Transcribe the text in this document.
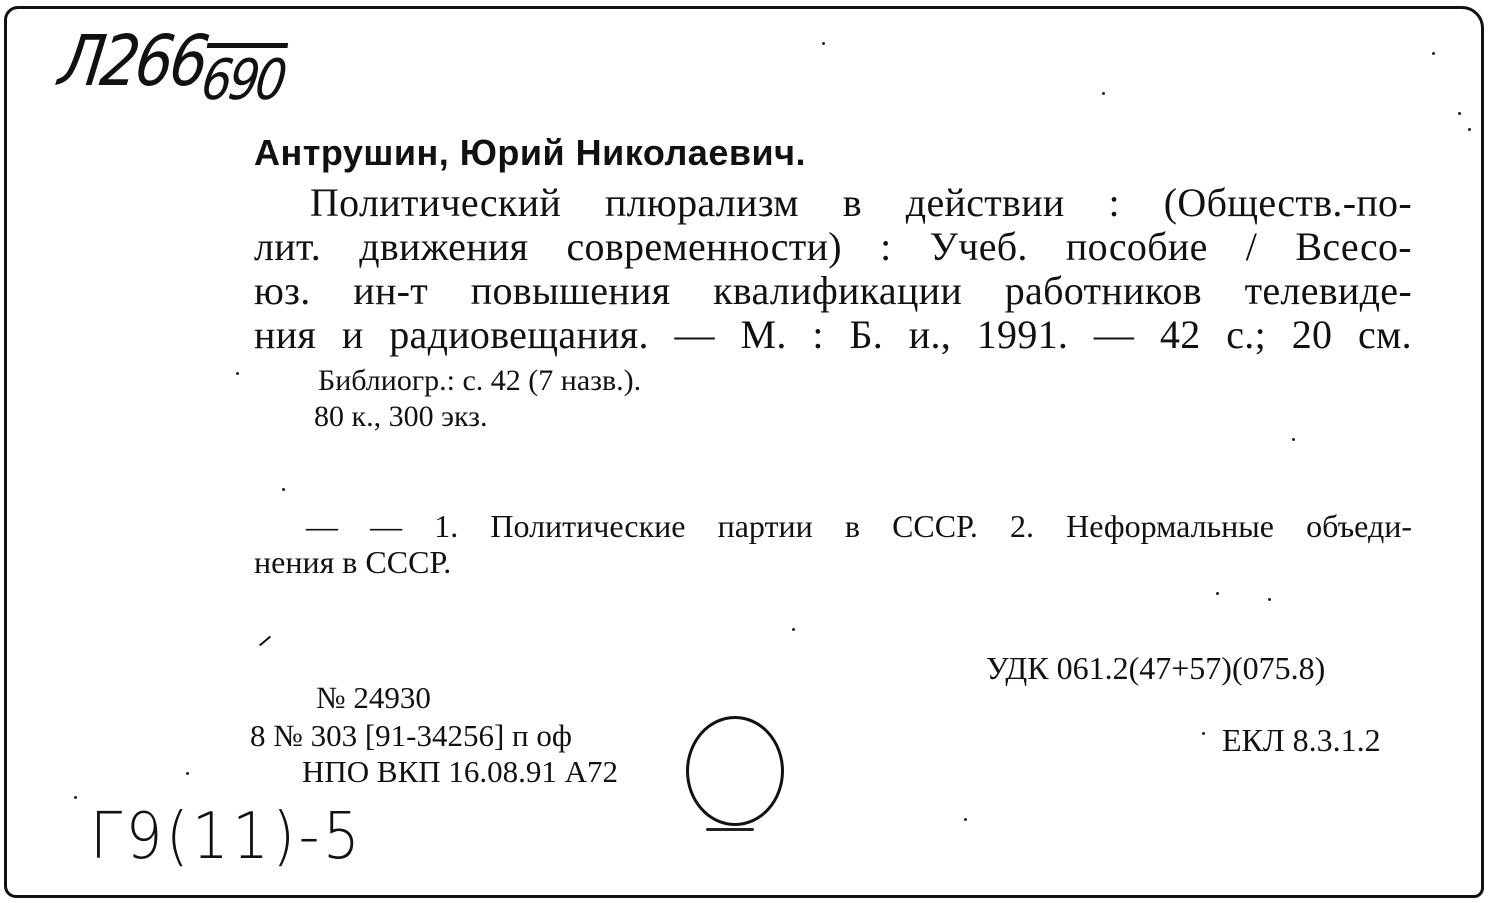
$Л266_{690}$
Антрушин, Юрий Николаевич.
Политический плюрализм в действии : (Обществ.-по-
лит. движения современности) : Учеб. пособие / Всесо-
юз. ин-т повышения квалификации работников телевиде-
ния и радиовещания. — М. : Б. и., 1991. — 42 с.; 20 см.
Библиогр.: с. 42 (7 назв.).
80 к., 300 экз.
— — 1. Политические партии в СССР. 2. Неформальные объеди-
нения в СССР.
УДК 061.2(47+57)(075.8)
ЕКЛ 8.3.1.2
№ 24930
8 № 303 [91-34256] п оф
НПО ВКП 16.08.91 А72
Г9(11)-5
